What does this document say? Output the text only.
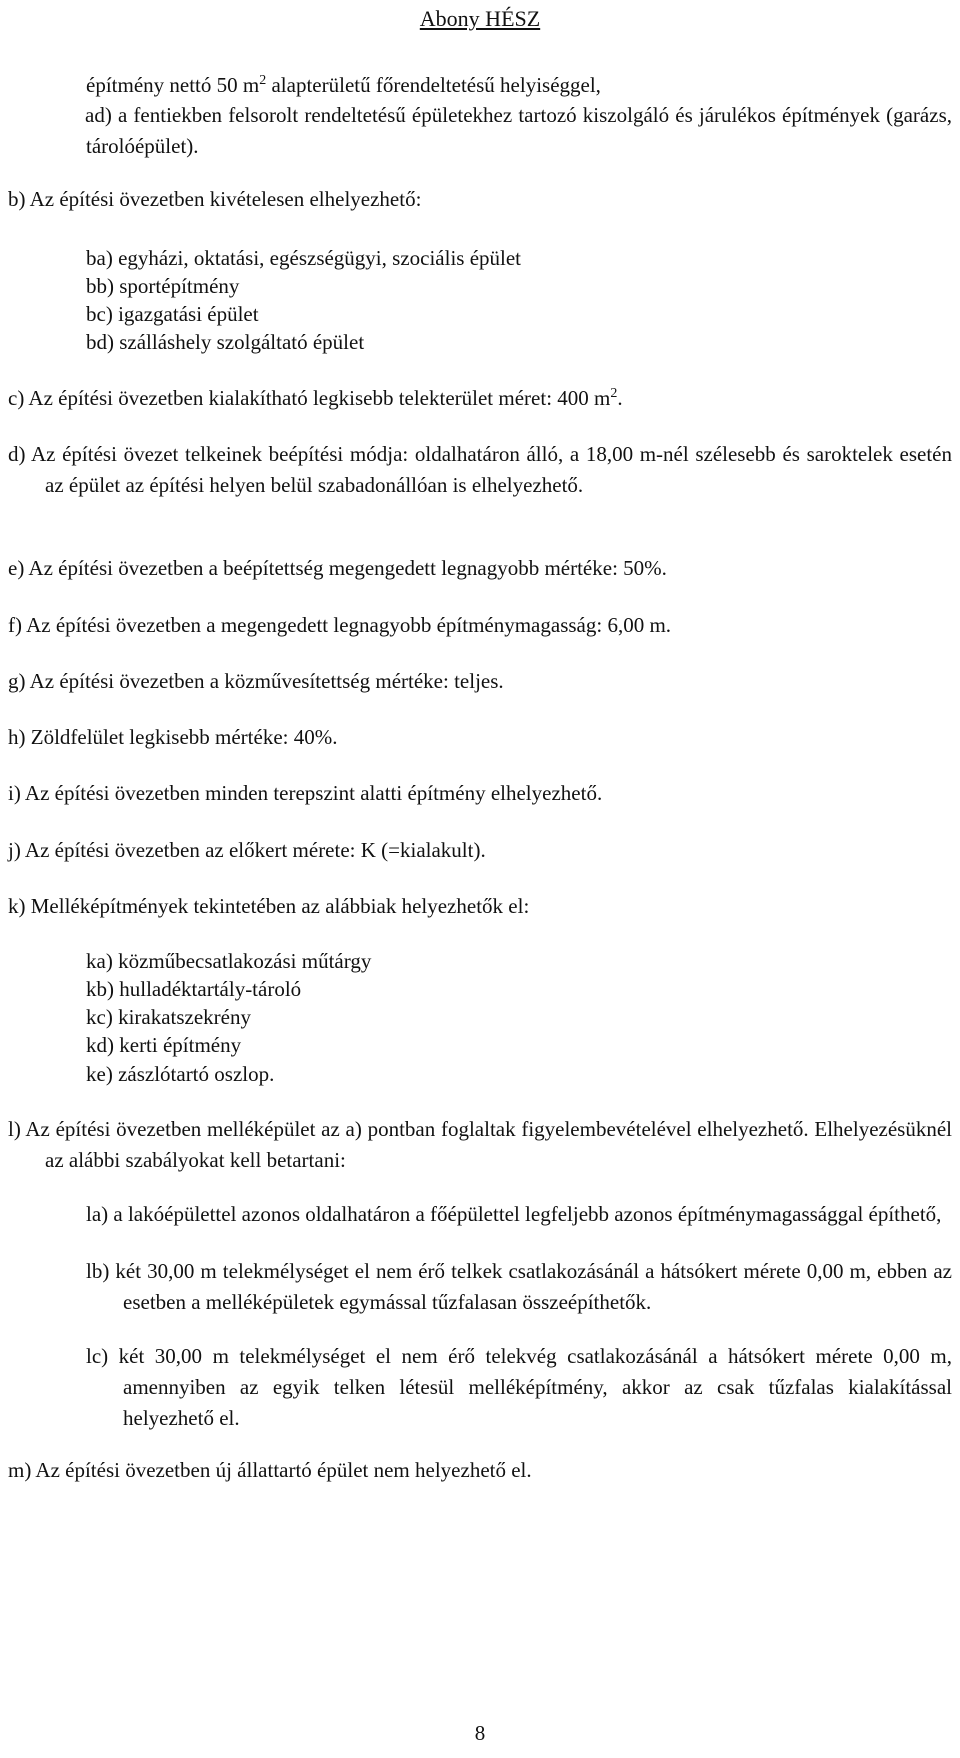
Abony HÉSZ

építmény nettó 50 $m^2$ alapterületű főrendeltetésű helyiséggel,

ad) a fentiekben felsorolt rendeltetésű épületekhez tartozó kiszolgáló és járulékos építmények (garázs, tárolóépület).

b) Az építési övezetben kivételesen elhelyezhető:

ba) egyházi, oktatási, egészségügyi, szociális épület

bb) sportépítmény

bc) igazgatási épület

bd) szálláshely szolgáltató épület

c) Az építési övezetben kialakítható legkisebb telekterület méret: 400 $m^2$.

d) Az építési övezet telkeinek beépítési módja: oldalhatáron álló, a 18,00 m-nél szélesebb és saroktelek esetén az épület az építési helyen belül szabadonállóan is elhelyezhető.

e) Az építési övezetben a beépítettség megengedett legnagyobb mértéke: 50%.

f) Az építési övezetben a megengedett legnagyobb építménymagasság: 6,00 m.

g) Az építési övezetben a közművesítettség mértéke: teljes.

h) Zöldfelület legkisebb mértéke: 40%.

i) Az építési övezetben minden terepszint alatti építmény elhelyezhető.

j) Az építési övezetben az előkert mérete: K (=kialakult).

k) Melléképítmények tekintetében az alábbiak helyezhetők el:

ka) közműbecsatlakozási műtárgy

kb) hulladéktartály-tároló

kc) kirakatszekrény

kd) kerti építmény

ke) zászlótartó oszlop.

l) Az építési övezetben melléképület az a) pontban foglaltak figyelembevételével elhelyezhető. Elhelyezésüknél az alábbi szabályokat kell betartani:

la) a lakóépülettel azonos oldalhatáron a főépülettel legfeljebb azonos építménymagassággal építhető,

lb) két 30,00 m telekmélységet el nem érő telkek csatlakozásánál a hátsókert mérete 0,00 m, ebben az esetben a melléképületek egymással tűzfalasan összeépíthetők.

lc) két 30,00 m telekmélységet el nem érő telekvég csatlakozásánál a hátsókert mérete 0,00 m, amennyiben az egyik telken létesül melléképítmény, akkor az csak tűzfalas kialakítással helyezhető el.

m) Az építési övezetben új állattartó épület nem helyezhető el.

8
